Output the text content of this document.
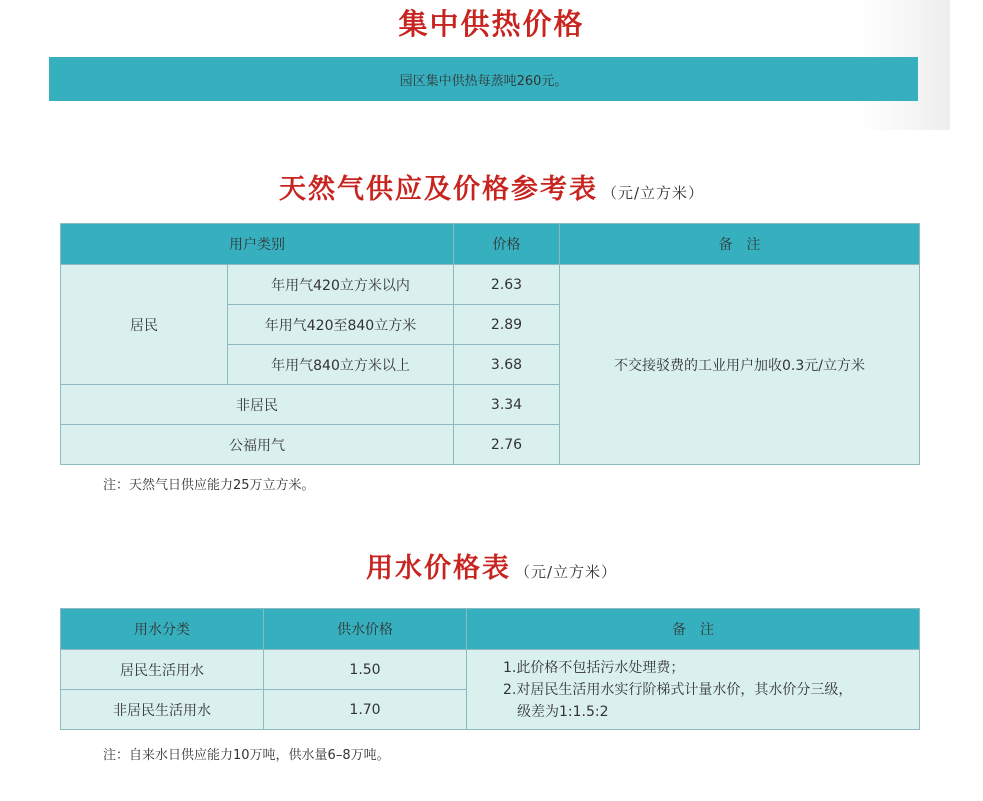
集中供热价格
园区集中供热每蒸吨260元。
天然气供应及价格参考表 （元/立方米）
用户类别		价格	备　注
居民	年用气420立方米以内	2.63	不交接驳费的工业用户加收0.3元/立方米
	年用气420至840立方米	2.89	
	年用气840立方米以上	3.68	
非居民		3.34	
公福用气		2.76	
注：天然气日供应能力25万立方米。
用水价格表 （元/立方米）
用水分类	供水价格	备　注
居民生活用水	1.50	1.此价格不包括污水处理费；
2.对居民生活用水实行阶梯式计量水价，其水价分三级，
级差为1:1.5:2

非居民生活用水	1.70	
注：自来水日供应能力10万吨，供水量6–8万吨。
